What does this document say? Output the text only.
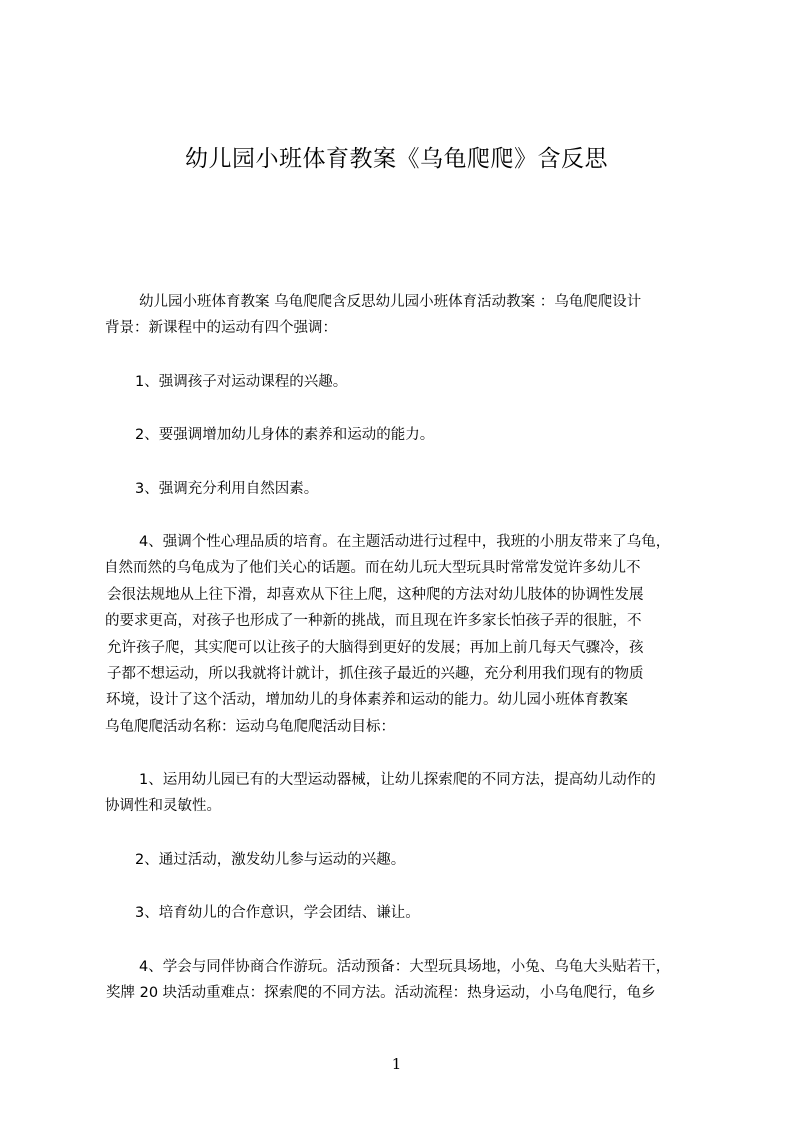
幼儿园小班体育教案《乌龟爬爬》含反思
幼儿园小班体育教案 乌龟爬爬含反思幼儿园小班体育活动教案 ：乌龟爬爬设计
背景：新课程中的运动有四个强调：
1、强调孩子对运动课程的兴趣。
2、要强调增加幼儿身体的素养和运动的能力。
3、强调充分利用自然因素。
4、强调个性心理品质的培育。在主题活动进行过程中，我班的小朋友带来了乌龟，
自然而然的乌龟成为了他们关心的话题。而在幼儿玩大型玩具时常常发觉许多幼儿不
会很法规地从上往下滑，却喜欢从下往上爬，这种爬的方法对幼儿肢体的协调性发展
的要求更高，对孩子也形成了一种新的挑战，而且现在许多家长怕孩子弄的很脏，不
允许孩子爬，其实爬可以让孩子的大脑得到更好的发展；再加上前几每天气骤冷，孩
子都不想运动，所以我就将计就计，抓住孩子最近的兴趣，充分利用我们现有的物质
环境，设计了这个活动，增加幼儿的身体素养和运动的能力。幼儿园小班体育教案
乌龟爬爬活动名称：运动乌龟爬爬活动目标：
1、运用幼儿园已有的大型运动器械，让幼儿探索爬的不同方法，提高幼儿动作的
协调性和灵敏性。
2、通过活动，激发幼儿参与运动的兴趣。
3、培育幼儿的合作意识，学会团结、谦让。
4、学会与同伴协商合作游玩。活动预备：大型玩具场地，小兔、乌龟大头贴若干，
奖牌 20 块活动重难点：探索爬的不同方法。活动流程：热身运动，小乌龟爬行，龟乡
1
